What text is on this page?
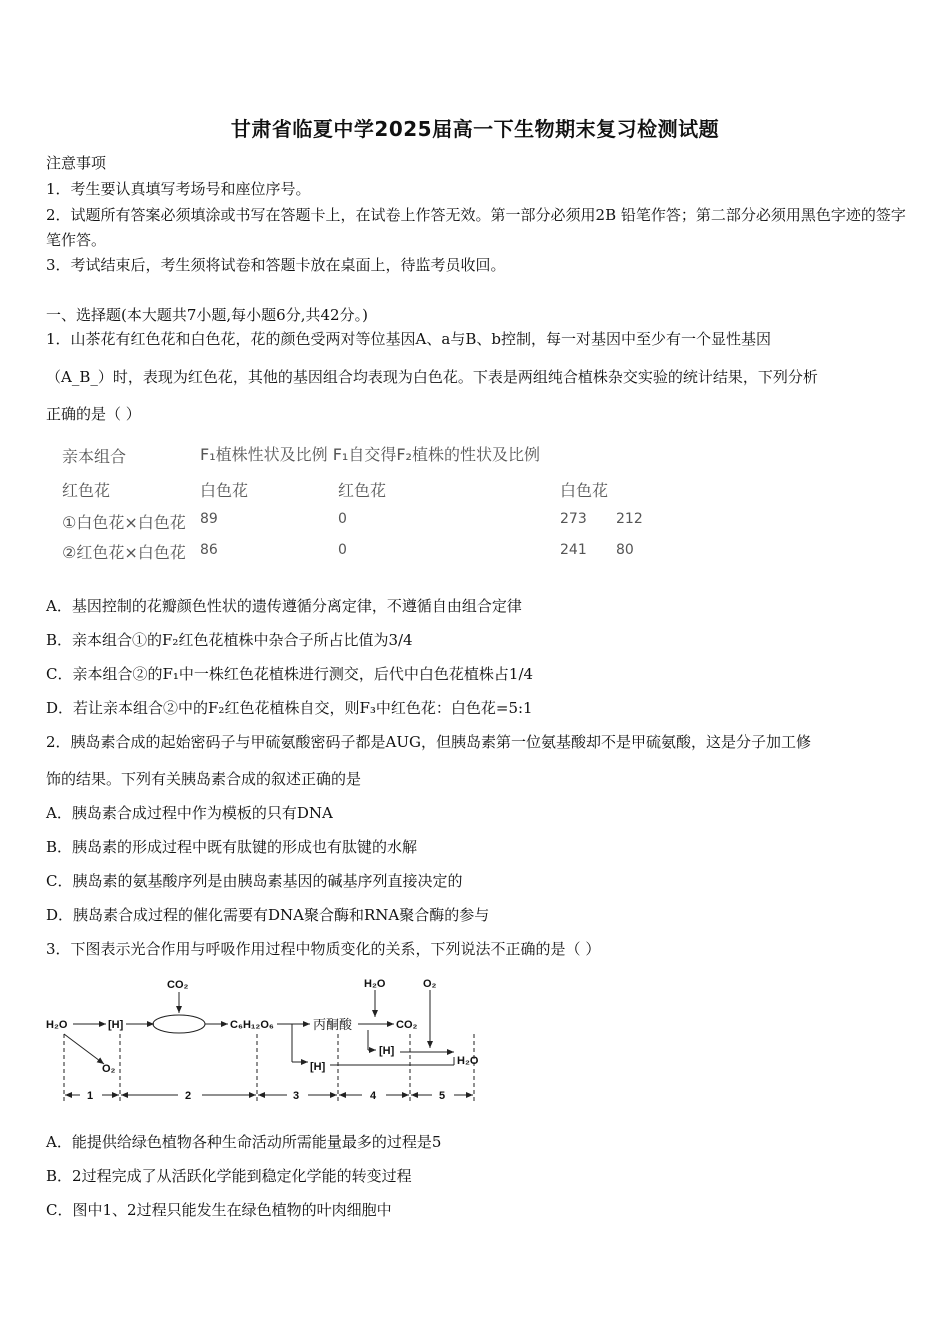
甘肃省临夏中学2025届高一下生物期末复习检测试题
注意事项
1．考生要认真填写考场号和座位序号。
2．试题所有答案必须填涂或书写在答题卡上，在试卷上作答无效。第一部分必须用2B 铅笔作答；第二部分必须用黑色字迹的签字笔作答。
3．考试结束后，考生须将试卷和答题卡放在桌面上，待监考员收回。
一、选择题(本大题共7小题,每小题6分,共42分。)
1．山茶花有红色花和白色花，花的颜色受两对等位基因A、a与B、b控制，每一对基因中至少有一个显性基因
（A_B_）时，表现为红色花，其他的基因组合均表现为白色花。下表是两组纯合植株杂交实验的统计结果，下列分析
正确的是（ ）
亲本组合	F₁植株性状及比例 F₁自交得F₂植株的性状及比例
红色花	白色花	红色花	白色花
①白色花×白色花 89	0	273 212
②红色花×白色花 86	0	241 80
A．基因控制的花瓣颜色性状的遗传遵循分离定律，不遵循自由组合定律
B．亲本组合①的F₂红色花植株中杂合子所占比值为3/4
C．亲本组合②的F₁中一株红色花植株进行测交，后代中白色花植株占1/4
D．若让亲本组合②中的F₂红色花植株自交，则F₃中红色花：白色花=5:1
2．胰岛素合成的起始密码子与甲硫氨酸密码子都是AUG，但胰岛素第一位氨基酸却不是甲硫氨酸，这是分子加工修
饰的结果。下列有关胰岛素合成的叙述正确的是
A．胰岛素合成过程中作为模板的只有DNA
B．胰岛素的形成过程中既有肽键的形成也有肽键的水解
C．胰岛素的氨基酸序列是由胰岛素基因的碱基序列直接决定的
D．胰岛素合成过程的催化需要有DNA聚合酶和RNA聚合酶的参与
3．下图表示光合作用与呼吸作用过程中物质变化的关系，下列说法不正确的是（ ）
H₂O	[H]
CO₂
C₆H₁₂O₆
O₂
丙酮酸
H₂O	O₂
CO₂
[H]
[H]	H₂O
1	2	3	4	5
A．能提供给绿色植物各种生命活动所需能量最多的过程是5
B．2过程完成了从活跃化学能到稳定化学能的转变过程
C．图中1、2过程只能发生在绿色植物的叶肉细胞中
